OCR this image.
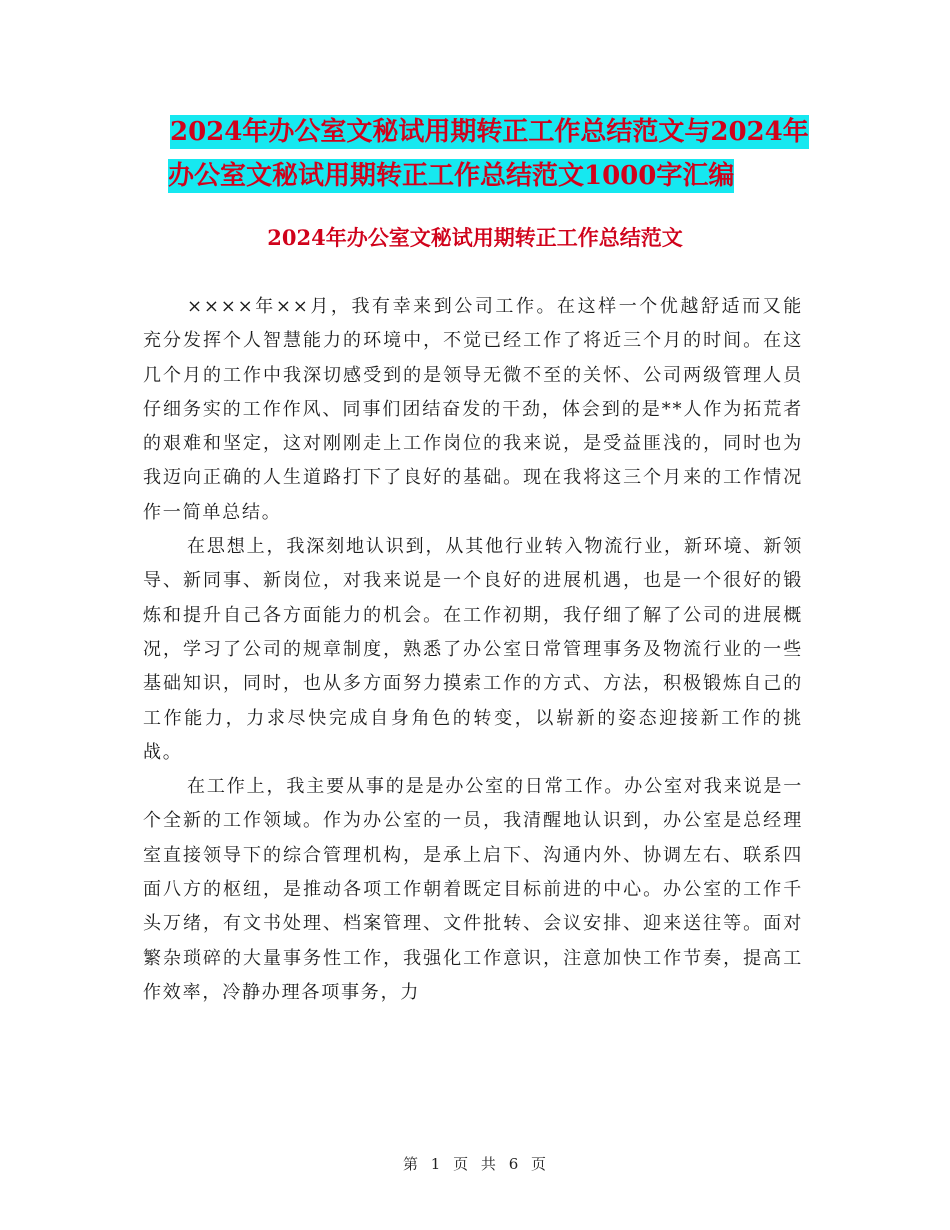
2024年办公室文秘试用期转正工作总结范文与2024年
办公室文秘试用期转正工作总结范文1000字汇编
2024年办公室文秘试用期转正工作总结范文

××××年××月，我有幸来到公司工作。在这样一个优越舒适而又能充分发挥个人智慧能力的环境中，不觉已经工作了将近三个月的时间。在这几个月的工作中我深切感受到的是领导无微不至的关怀、公司两级管理人员仔细务实的工作作风、同事们团结奋发的干劲，体会到的是**人作为拓荒者的艰难和坚定，这对刚刚走上工作岗位的我来说，是受益匪浅的，同时也为我迈向正确的人生道路打下了良好的基础。现在我将这三个月来的工作情况作一简单总结。

在思想上，我深刻地认识到，从其他行业转入物流行业，新环境、新领导、新同事、新岗位，对我来说是一个良好的进展机遇，也是一个很好的锻炼和提升自己各方面能力的机会。在工作初期，我仔细了解了公司的进展概况，学习了公司的规章制度，熟悉了办公室日常管理事务及物流行业的一些基础知识，同时，也从多方面努力摸索工作的方式、方法，积极锻炼自己的工作能力，力求尽快完成自身角色的转变，以崭新的姿态迎接新工作的挑战。

在工作上，我主要从事的是是办公室的日常工作。办公室对我来说是一个全新的工作领域。作为办公室的一员，我清醒地认识到，办公室是总经理室直接领导下的综合管理机构，是承上启下、沟通内外、协调左右、联系四面八方的枢纽，是推动各项工作朝着既定目标前进的中心。办公室的工作千头万绪，有文书处理、档案管理、文件批转、会议安排、迎来送往等。面对繁杂琐碎的大量事务性工作，我强化工作意识，注意加快工作节奏，提高工作效率，冷静办理各项事务，力

第 1 页 共 6 页
